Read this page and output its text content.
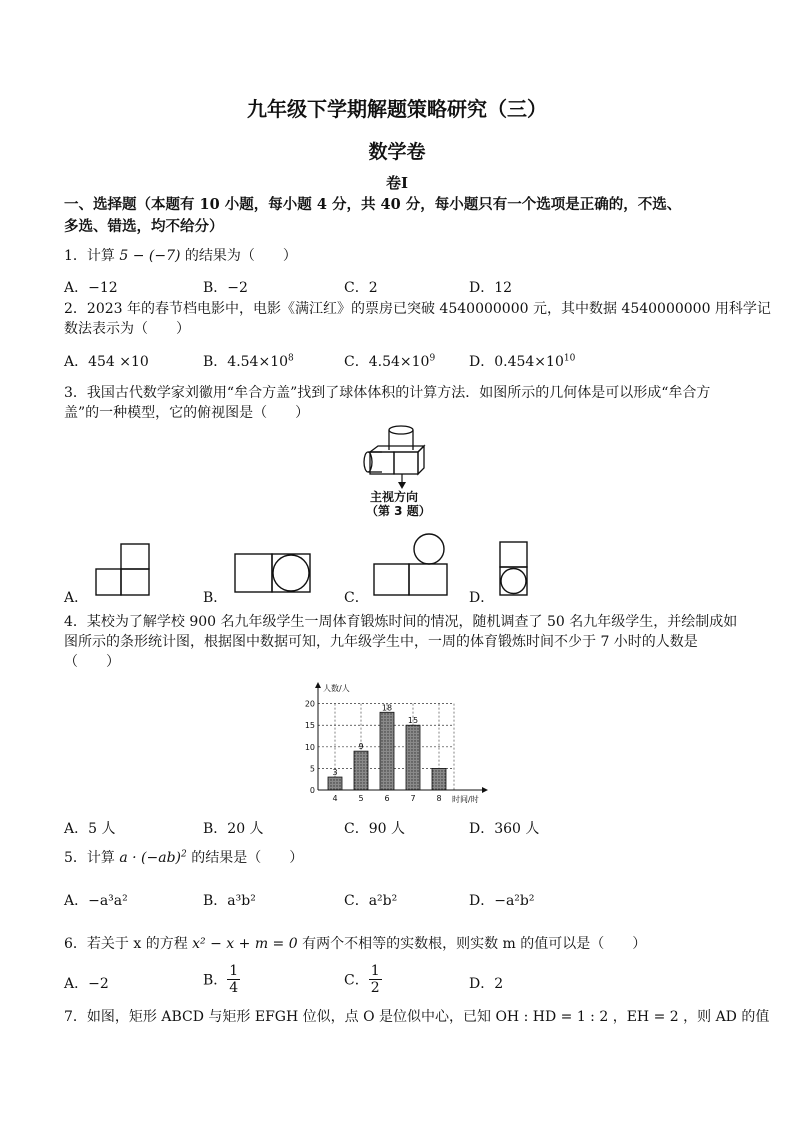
九年级下学期解题策略研究（三）
数学卷
卷Ⅰ
一、选择题（本题有 10 小题，每小题 4 分，共 40 分，每小题只有一个选项是正确的，不选、
多选、错选，均不给分）
1．计算 5 − (−7) 的结果为（　　）
A．−12	B．−2	C．2	D．12
2．2023 年的春节档电影中，电影《满江红》的票房已突破 4540000000 元，其中数据 4540000000 用科学记
数法表示为（　　）
A．454 ×10	B．$4.54\times 10^8$	C．$4.54\times 10^9$ D．$0.454\times 10^{10}$
3．我国古代数学家刘徽用“牟合方盖”找到了球体体积的计算方法．如图所示的几何体是可以形成“牟合方
盖”的一种模型，它的俯视图是（　　）
主视方向
（第 3 题）
A．	B．	C．	D．
4．某校为了解学校 900 名九年级学生一周体育锻炼时间的情况，随机调查了 50 名九年级学生，并绘制成如
图所示的条形统计图，根据图中数据可知，九年级学生中，一周的体育锻炼时间不少于 7 小时的人数是
（　　）
0
5
10
15
20
3
4
9
5
18
6
15
7	8
人数/人
时间/时
A．5 人	B．20 人	C．90 人	D．360 人
5．计算 $a \cdot (-ab)^2$ 的结果是（　　）
A．−a³a²	B．a³b²	C．a²b²	D．−a²b²
6．若关于 x 的方程 x² − x + m = 0 有两个不相等的实数根，则实数 m 的值可以是（　　）
A．−2	B． $\frac{1}{4}$	C． $\frac{1}{2}$	D．2
7．如图，矩形 ABCD 与矩形 EFGH 位似，点 O 是位似中心，已知 OH : HD = 1 : 2 ，EH = 2 ，则 AD 的值
